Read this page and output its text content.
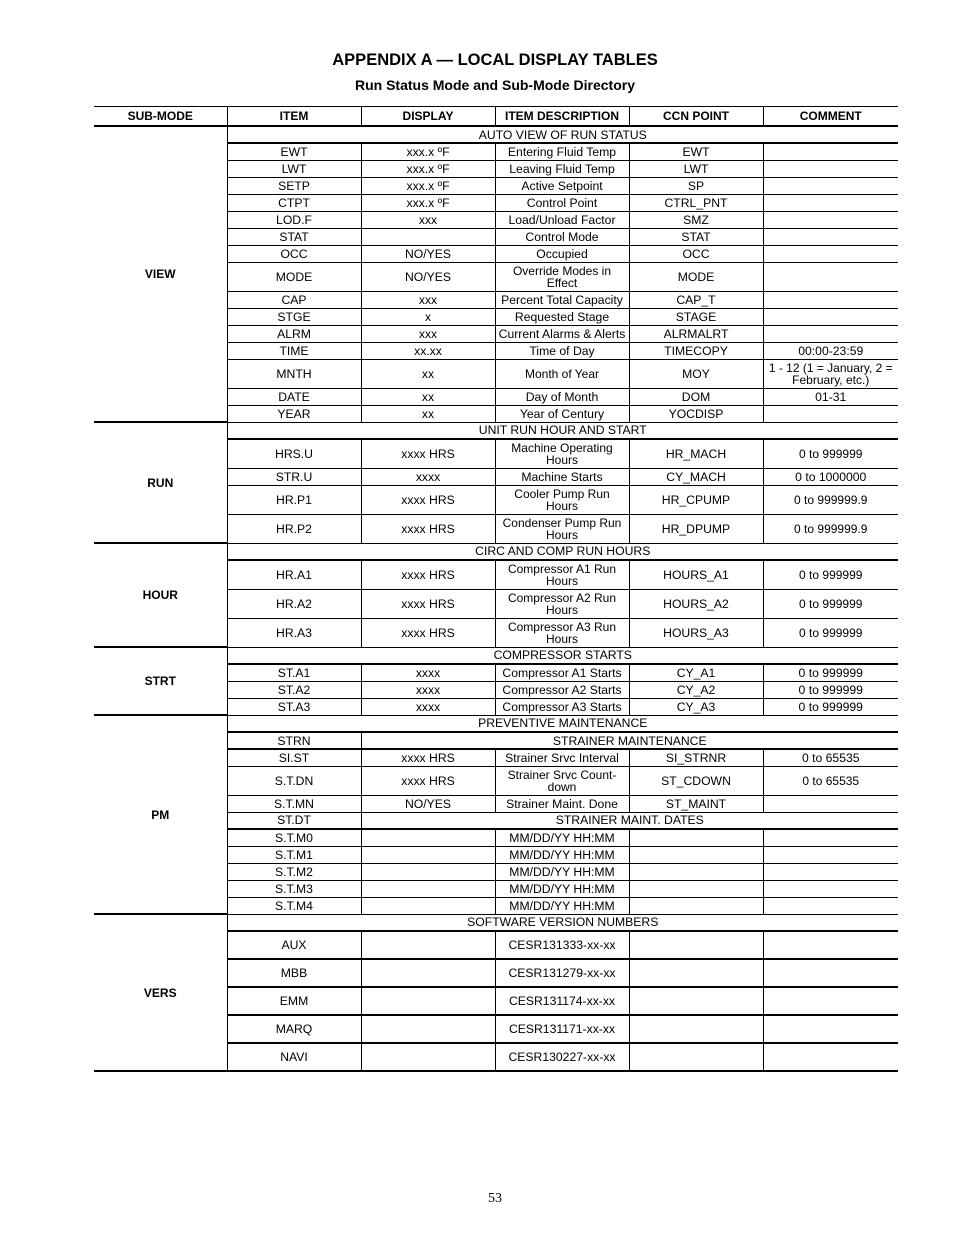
APPENDIX A — LOCAL DISPLAY TABLES
Run Status Mode and Sub-Mode Directory
SUB-MODE	ITEM	DISPLAY	ITEM DESCRIPTION	CCN POINT	COMMENT
VIEW	AUTO VIEW OF RUN STATUS				
	EWT	xxx.x ºF	Entering Fluid Temp	EWT	
	LWT	xxx.x ºF	Leaving Fluid Temp	LWT	
	SETP	xxx.x ºF	Active Setpoint	SP	
	CTPT	xxx.x ºF	Control Point	CTRL_PNT	
	LOD.F	xxx	Load/Unload Factor	SMZ	
	STAT		Control Mode	STAT	
	OCC	NO/YES	Occupied	OCC	
	MODE	NO/YES	Override Modes in Effect	MODE	
	CAP	xxx	Percent Total Capacity	CAP_T	
	STGE	x	Requested Stage	STAGE	
	ALRM	xxx	Current Alarms & Alerts	ALRMALRT	
	TIME	xx.xx	Time of Day	TIMECOPY	00:00-23:59
	MNTH	xx	Month of Year	MOY	1 - 12 (1 = January, 2 = February, etc.)
	DATE	xx	Day of Month	DOM	01-31
	YEAR	xx	Year of Century	YOCDISP	
RUN	UNIT RUN HOUR AND START				
	HRS.U	xxxx HRS	Machine Operating Hours	HR_MACH	0 to 999999
	STR.U	xxxx	Machine Starts	CY_MACH	0 to 1000000
	HR.P1	xxxx HRS	Cooler Pump Run Hours	HR_CPUMP	0 to 999999.9
	HR.P2	xxxx HRS	Condenser Pump Run Hours	HR_DPUMP	0 to 999999.9
HOUR	CIRC AND COMP RUN HOURS				
	HR.A1	xxxx HRS	Compressor A1 Run Hours	HOURS_A1	0 to 999999
	HR.A2	xxxx HRS	Compressor A2 Run Hours	HOURS_A2	0 to 999999
	HR.A3	xxxx HRS	Compressor A3 Run Hours	HOURS_A3	0 to 999999
STRT	COMPRESSOR STARTS				
	ST.A1	xxxx	Compressor A1 Starts	CY_A1	0 to 999999
	ST.A2	xxxx	Compressor A2 Starts	CY_A2	0 to 999999
	ST.A3	xxxx	Compressor A3 Starts	CY_A3	0 to 999999
PM	PREVENTIVE MAINTENANCE				
	STRN	STRAINER MAINTENANCE			
	SI.ST	xxxx HRS	Strainer Srvc Interval	SI_STRNR	0 to 65535
	S.T.DN	xxxx HRS	Strainer Srvc Count-down	ST_CDOWN	0 to 65535
	S.T.MN	NO/YES	Strainer Maint. Done	ST_MAINT	
	ST.DT	STRAINER MAINT. DATES			
	S.T.M0		MM/DD/YY HH:MM		
	S.T.M1		MM/DD/YY HH:MM		
	S.T.M2		MM/DD/YY HH:MM		
	S.T.M3		MM/DD/YY HH:MM		
	S.T.M4		MM/DD/YY HH:MM		
VERS	SOFTWARE VERSION NUMBERS				
	AUX		CESR131333-xx-xx		
	MBB		CESR131279-xx-xx		
	EMM		CESR131174-xx-xx		
	MARQ		CESR131171-xx-xx		
	NAVI		CESR130227-xx-xx		
53
